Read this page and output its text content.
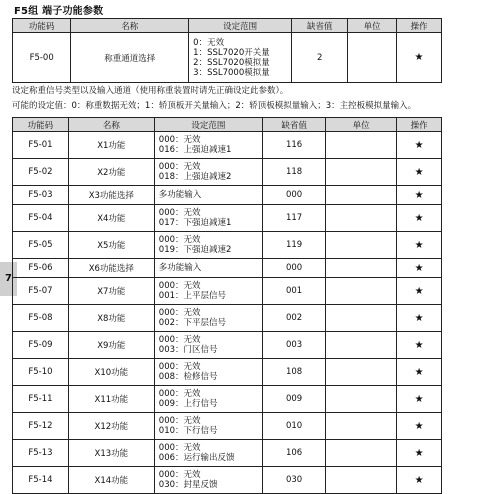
F5组 端子功能参数
功能码	名称	设定范围	缺省值	单位	操作
F5-00	称重通道选择	0：无效
1：SSL7020开关量
2：SSL7020模拟量
3：SSL7000模拟量	2		★
设定称重信号类型以及输入通道（使用称重装置时请先正确设定此参数）。
可能的设定值：0：称重数据无效；1：轿顶板开关量输入；2：轿顶板模拟量输入；3：主控板模拟量输入。
7
功能码	名称	设定范围	缺省值	单位	操作
F5-01	X1功能	000：无效
016：上强迫减速1	116		★
F5-02	X2功能	000：无效
018：上强迫减速2	118		★
F5-03	X3功能选择	多功能输入	000		★
F5-04	X4功能	000：无效
017：下强迫减速1	117		★
F5-05	X5功能	000：无效
019：下强迫减速2	119		★
F5-06	X6功能选择	多功能输入	000		★
F5-07	X7功能	000：无效
001：上平层信号	001		★
F5-08	X8功能	000：无效
002：下平层信号	002		★
F5-09	X9功能	000：无效
003：门区信号	003		★
F5-10	X10功能	000：无效
008：检修信号	108		★
F5-11	X11功能	000：无效
009：上行信号	009		★
F5-12	X12功能	000：无效
010：下行信号	010		★
F5-13	X13功能	000：无效
006：运行输出反馈	106		★
F5-14	X14功能	000：无效
030：封星反馈	030		★
